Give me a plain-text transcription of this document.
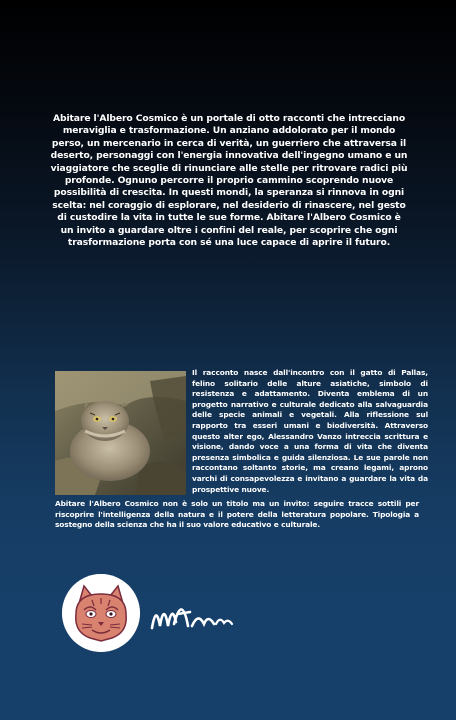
Abitare l'Albero Cosmico è un portale di otto racconti che intrecciano meraviglia e trasformazione. Un anziano addolorato per il mondo perso, un mercenario in cerca di verità, un guerriero che attraversa il deserto, personaggi con l'energia innovativa dell'ingegno umano e un viaggiatore che sceglie di rinunciare alle stelle per ritrovare radici più profonde. Ognuno percorre il proprio cammino scoprendo nuove possibilità di crescita. In questi mondi, la speranza si rinnova in ogni scelta: nel coraggio di esplorare, nel desiderio di rinascere, nel gesto di custodire la vita in tutte le sue forme. Abitare l'Albero Cosmico è un invito a guardare oltre i confini del reale, per scoprire che ogni trasformazione porta con sé una luce capace di aprire il futuro.

Il racconto nasce dall'incontro con il gatto di Pallas, felino solitario delle alture asiatiche, simbolo di resistenza e adattamento. Diventa emblema di un progetto narrativo e culturale dedicato alla salvaguardia delle specie animali e vegetali. Alla riflessione sul rapporto tra esseri umani e biodiversità. Attraverso questo alter ego, Alessandro Vanzo intreccia scrittura e visione, dando voce a una forma di vita che diventa presenza simbolica e guida silenziosa. Le sue parole non raccontano soltanto storie, ma creano legami, aprono varchi di consapevolezza e invitano a guardare la vita da prospettive nuove.
Abitare l'Albero Cosmico non è solo un titolo ma un invito: seguire tracce sottili per riscoprire l'intelligenza della natura e il potere della letteratura popolare. Tipologia a sostegno della scienza che ha il suo valore educativo e culturale.
